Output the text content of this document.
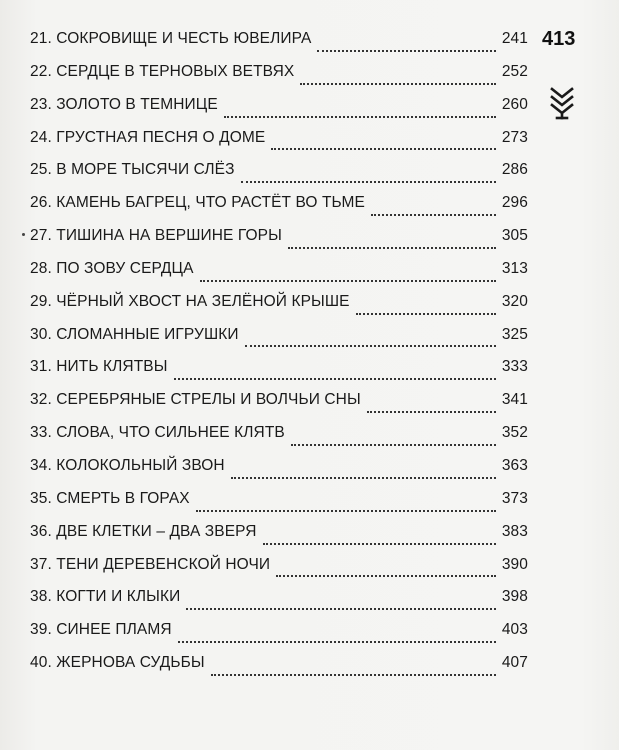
21. СОКРОВИЩЕ И ЧЕСТЬ ЮВЕЛИРА	241
22. СЕРДЦЕ В ТЕРНОВЫХ ВЕТВЯХ	252
23. ЗОЛОТО В ТЕМНИЦЕ	260
24. ГРУСТНАЯ ПЕСНЯ О ДОМЕ	273
25. В МОРЕ ТЫСЯЧИ СЛЁЗ	286
26. КАМЕНЬ БАГРЕЦ, ЧТО РАСТЁТ ВО ТЬМЕ	296
27. ТИШИНА НА ВЕРШИНЕ ГОРЫ	305
28. ПО ЗОВУ СЕРДЦА	313
29. ЧЁРНЫЙ ХВОСТ НА ЗЕЛЁНОЙ КРЫШЕ	320
30. СЛОМАННЫЕ ИГРУШКИ	325
31. НИТЬ КЛЯТВЫ	333
32. СЕРЕБРЯНЫЕ СТРЕЛЫ И ВОЛЧЬИ СНЫ	341
33. СЛОВА, ЧТО СИЛЬНЕЕ КЛЯТВ	352
34. КОЛОКОЛЬНЫЙ ЗВОН	363
35. СМЕРТЬ В ГОРАХ	373
36. ДВЕ КЛЕТКИ – ДВА ЗВЕРЯ	383
37. ТЕНИ ДЕРЕВЕНСКОЙ НОЧИ	390
38. КОГТИ И КЛЫКИ	398
39. СИНЕЕ ПЛАМЯ	403
40. ЖЕРНОВА СУДЬБЫ	407
413
